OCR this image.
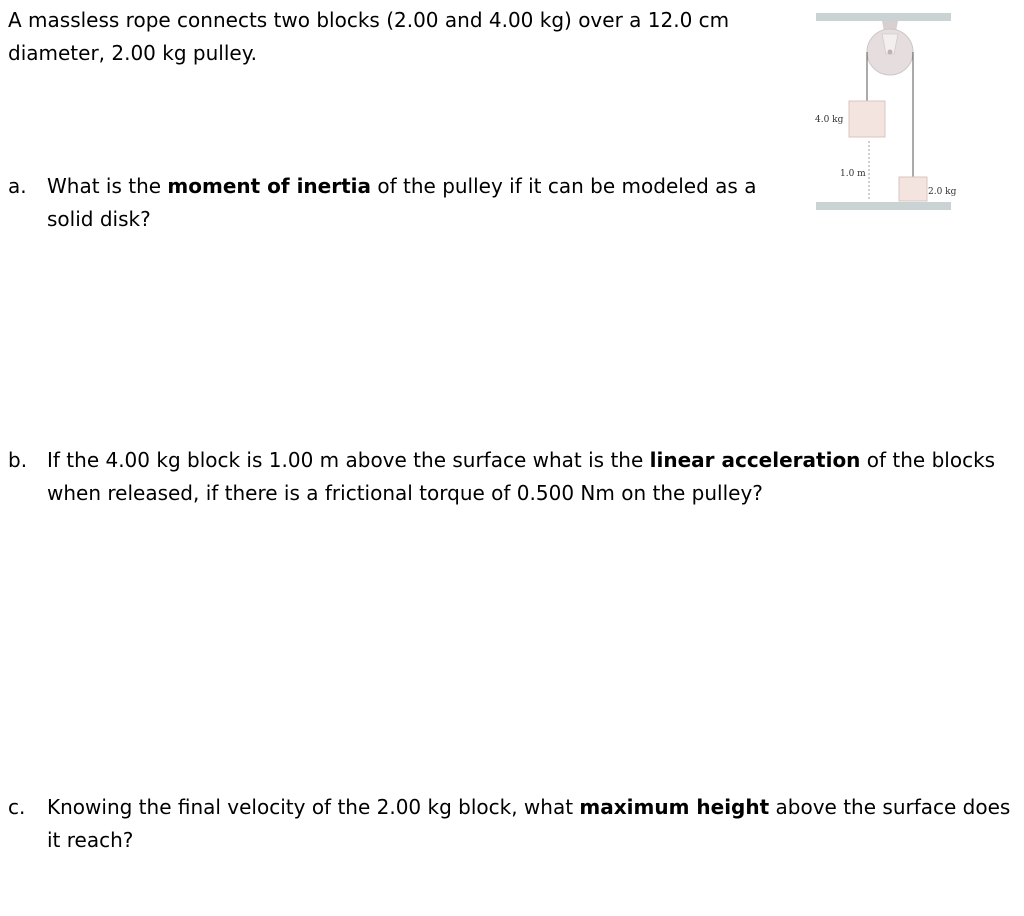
A massless rope connects two blocks (2.00 and 4.00 kg) over a 12.0 cm
diameter, 2.00 kg pulley.

4.0 kg
1.0 m
2.0 kg
a. What is the moment of inertia of the pulley if it can be modeled as a solid disk?
b. If the 4.00 kg block is 1.00 m above the surface what is the linear acceleration of the blocks when released, if there is a frictional torque of 0.500 Nm on the pulley?
c. Knowing the final velocity of the 2.00 kg block, what maximum height above the surface does it reach?
